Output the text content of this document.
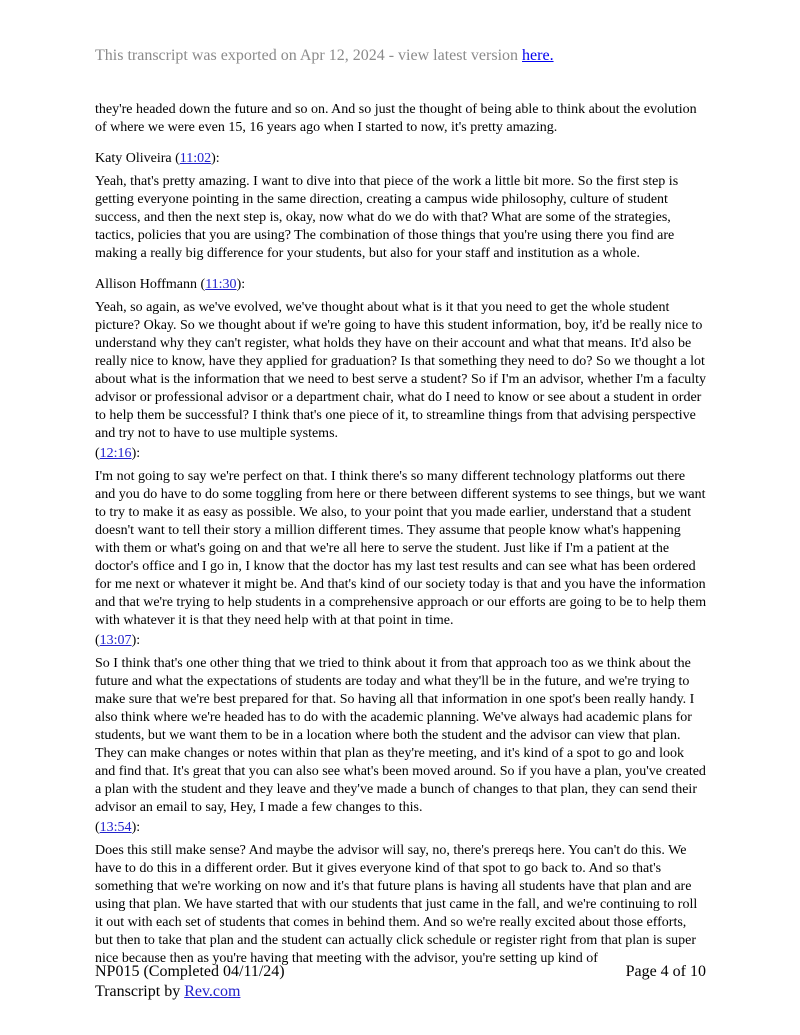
This transcript was exported on Apr 12, 2024 - view latest version here.

they're headed down the future and so on. And so just the thought of being able to think about the evolution of where we were even 15, 16 years ago when I started to now, it's pretty amazing.

Katy Oliveira (11:02):

Yeah, that's pretty amazing. I want to dive into that piece of the work a little bit more. So the first step is getting everyone pointing in the same direction, creating a campus wide philosophy, culture of student success, and then the next step is, okay, now what do we do with that? What are some of the strategies, tactics, policies that you are using? The combination of those things that you're using there you find are making a really big difference for your students, but also for your staff and institution as a whole.

Allison Hoffmann (11:30):

Yeah, so again, as we've evolved, we've thought about what is it that you need to get the whole student picture? Okay. So we thought about if we're going to have this student information, boy, it'd be really nice to understand why they can't register, what holds they have on their account and what that means. It'd also be really nice to know, have they applied for graduation? Is that something they need to do? So we thought a lot about what is the information that we need to best serve a student? So if I'm an advisor, whether I'm a faculty advisor or professional advisor or a department chair, what do I need to know or see about a student in order to help them be successful? I think that's one piece of it, to streamline things from that advising perspective and try not to have to use multiple systems.

(12:16):

I'm not going to say we're perfect on that. I think there's so many different technology platforms out there and you do have to do some toggling from here or there between different systems to see things, but we want to try to make it as easy as possible. We also, to your point that you made earlier, understand that a student doesn't want to tell their story a million different times. They assume that people know what's happening with them or what's going on and that we're all here to serve the student. Just like if I'm a patient at the doctor's office and I go in, I know that the doctor has my last test results and can see what has been ordered for me next or whatever it might be. And that's kind of our society today is that and you have the information and that we're trying to help students in a comprehensive approach or our efforts are going to be to help them with whatever it is that they need help with at that point in time.

(13:07):

So I think that's one other thing that we tried to think about it from that approach too as we think about the future and what the expectations of students are today and what they'll be in the future, and we're trying to make sure that we're best prepared for that. So having all that information in one spot's been really handy. I also think where we're headed has to do with the academic planning. We've always had academic plans for students, but we want them to be in a location where both the student and the advisor can view that plan. They can make changes or notes within that plan as they're meeting, and it's kind of a spot to go and look and find that. It's great that you can also see what's been moved around. So if you have a plan, you've created a plan with the student and they leave and they've made a bunch of changes to that plan, they can send their advisor an email to say, Hey, I made a few changes to this.

(13:54):

Does this still make sense? And maybe the advisor will say, no, there's prereqs here. You can't do this. We have to do this in a different order. But it gives everyone kind of that spot to go back to. And so that's something that we're working on now and it's that future plans is having all students have that plan and are using that plan. We have started that with our students that just came in the fall, and we're continuing to roll it out with each set of students that comes in behind them. And so we're really excited about those efforts, but then to take that plan and the student can actually click schedule or register right from that plan is super nice because then as you're having that meeting with the advisor, you're setting up kind of

NP015 (Completed 04/11/24)
Transcript by Rev.com
Page 4 of 10
